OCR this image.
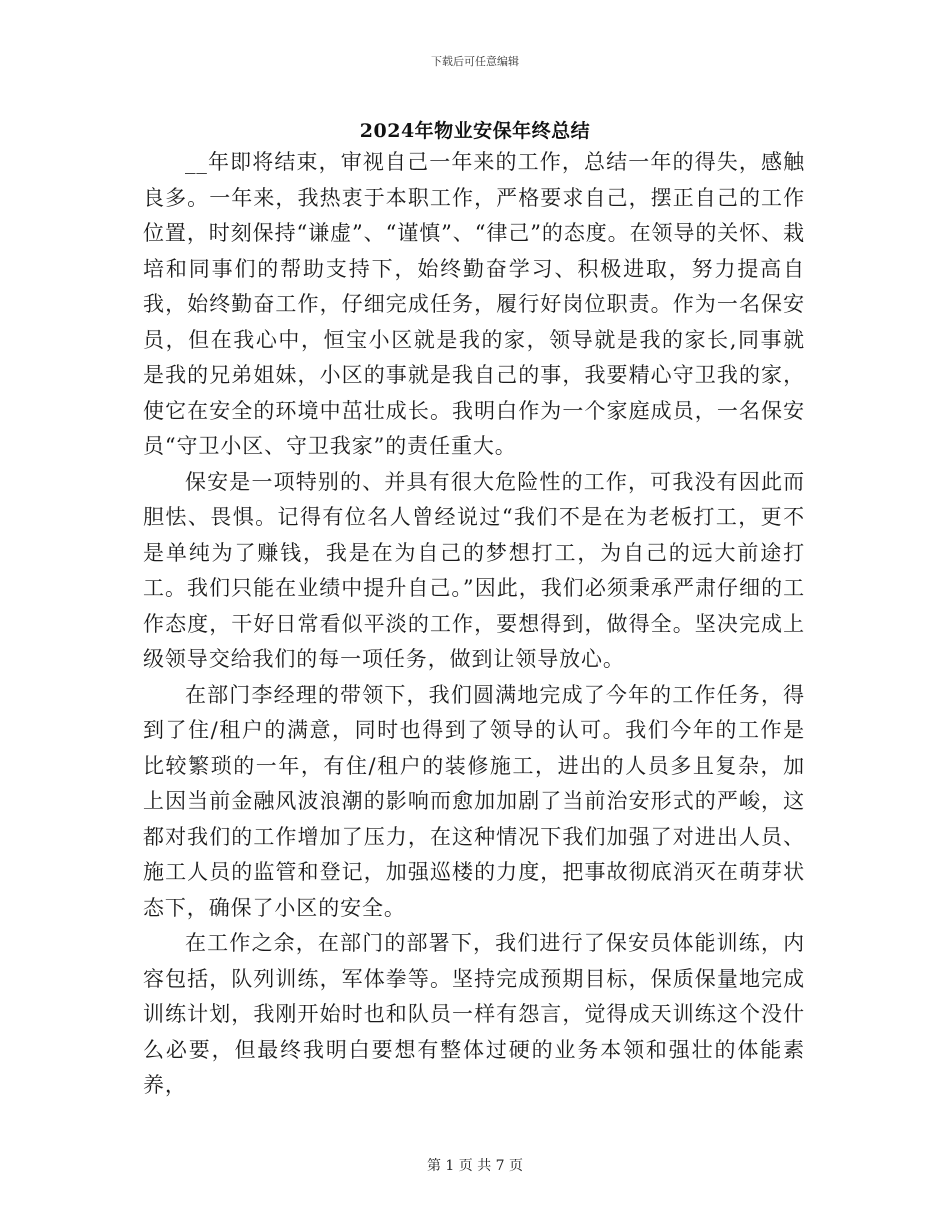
下载后可任意编辑
2024年物业安保年终总结

__年即将结束，审视自己一年来的工作，总结一年的得失，感触良多。一年来，我热衷于本职工作，严格要求自己，摆正自己的工作位置，时刻保持“谦虚”、“谨慎”、“律己”的态度。在领导的关怀、栽培和同事们的帮助支持下，始终勤奋学习、积极进取，努力提高自我，始终勤奋工作，仔细完成任务，履行好岗位职责。作为一名保安员，但在我心中，恒宝小区就是我的家，领导就是我的家长,同事就是我的兄弟姐妹，小区的事就是我自己的事，我要精心守卫我的家，使它在安全的环境中茁壮成长。我明白作为一个家庭成员，一名保安员“守卫小区、守卫我家”的责任重大。

保安是一项特别的、并具有很大危险性的工作，可我没有因此而胆怯、畏惧。记得有位名人曾经说过“我们不是在为老板打工，更不是单纯为了赚钱，我是在为自己的梦想打工，为自己的远大前途打工。我们只能在业绩中提升自己。”因此，我们必须秉承严肃仔细的工作态度，干好日常看似平淡的工作，要想得到，做得全。坚决完成上级领导交给我们的每一项任务，做到让领导放心。

在部门李经理的带领下，我们圆满地完成了今年的工作任务，得到了住/租户的满意，同时也得到了领导的认可。我们今年的工作是比较繁琐的一年，有住/租户的装修施工，进出的人员多且复杂，加上因当前金融风波浪潮的影响而愈加加剧了当前治安形式的严峻，这都对我们的工作增加了压力，在这种情况下我们加强了对进出人员、施工人员的监管和登记，加强巡楼的力度，把事故彻底消灭在萌芽状态下，确保了小区的安全。

在工作之余，在部门的部署下，我们进行了保安员体能训练，内容包括，队列训练，军体拳等。坚持完成预期目标，保质保量地完成训练计划，我刚开始时也和队员一样有怨言，觉得成天训练这个没什么必要，但最终我明白要想有整体过硬的业务本领和强壮的体能素养，

第 1 页 共 7 页
